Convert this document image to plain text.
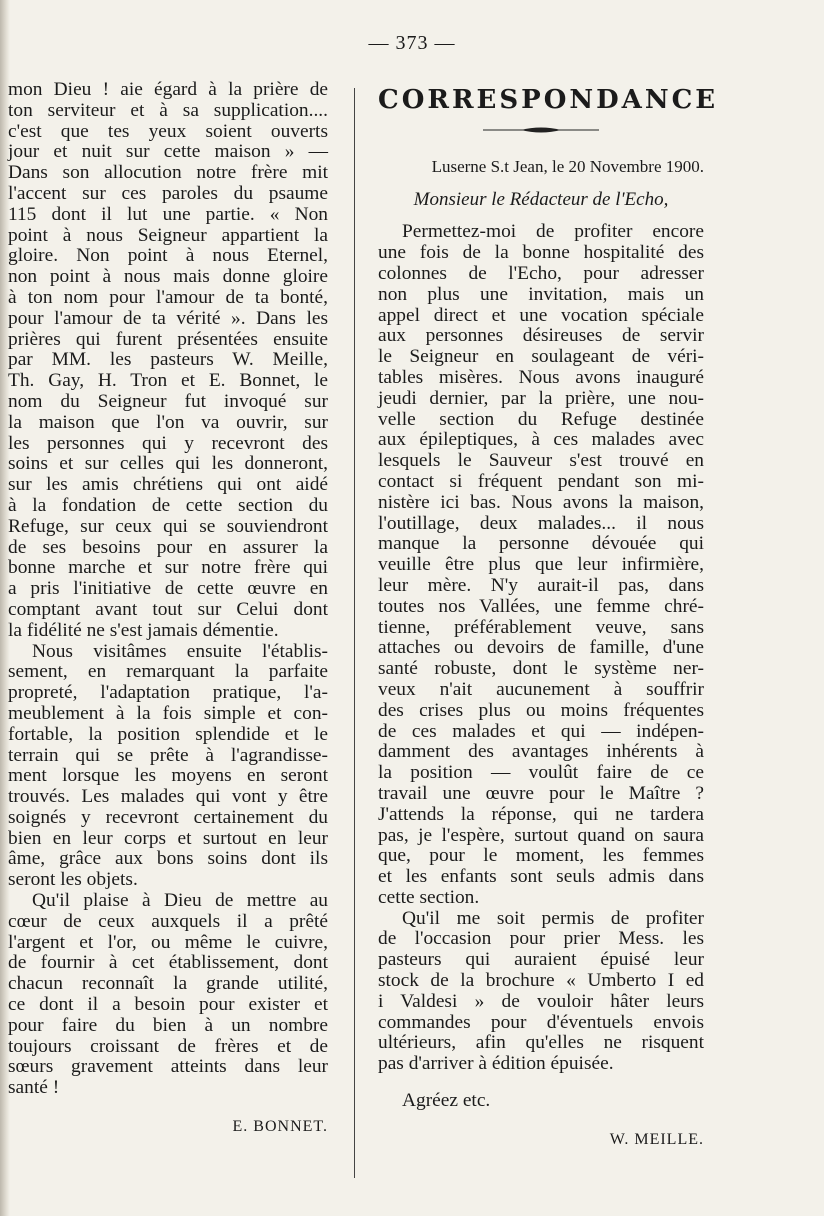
— 373 —

mon Dieu ! aie égard à la prière de
ton serviteur et à sa supplication....
c'est que tes yeux soient ouverts
jour et nuit sur cette maison » —
Dans son allocution notre frère mit
l'accent sur ces paroles du psaume
115 dont il lut une partie. « Non
point à nous Seigneur appartient la
gloire. Non point à nous Eternel,
non point à nous mais donne gloire
à ton nom pour l'amour de ta bonté,
pour l'amour de ta vérité ». Dans les
prières qui furent présentées ensuite
par MM. les pasteurs W. Meille,
Th. Gay, H. Tron et E. Bonnet, le
nom du Seigneur fut invoqué sur
la maison que l'on va ouvrir, sur
les personnes qui y recevront des
soins et sur celles qui les donneront,
sur les amis chrétiens qui ont aidé
à la fondation de cette section du
Refuge, sur ceux qui se souviendront
de ses besoins pour en assurer la
bonne marche et sur notre frère qui
a pris l'initiative de cette œuvre en
comptant avant tout sur Celui dont
la fidélité ne s'est jamais démentie.

Nous visitâmes ensuite l'établis-
sement, en remarquant la parfaite
propreté, l'adaptation pratique, l'a-
meublement à la fois simple et con-
fortable, la position splendide et le
terrain qui se prête à l'agrandisse-
ment lorsque les moyens en seront
trouvés. Les malades qui vont y être
soignés y recevront certainement du
bien en leur corps et surtout en leur
âme, grâce aux bons soins dont ils
seront les objets.

Qu'il plaise à Dieu de mettre au
cœur de ceux auxquels il a prêté
l'argent et l'or, ou même le cuivre,
de fournir à cet établissement, dont
chacun reconnaît la grande utilité,
ce dont il a besoin pour exister et
pour faire du bien à un nombre
toujours croissant de frères et de
sœurs gravement atteints dans leur
santé !

E. BONNET.
CORRESPONDANCE
Luserne S.t Jean, le 20 Novembre 1900.
Monsieur le Rédacteur de l'Echo,

Permettez-moi de profiter encore
une fois de la bonne hospitalité des
colonnes de l'Echo, pour adresser
non plus une invitation, mais un
appel direct et une vocation spéciale
aux personnes désireuses de servir
le Seigneur en soulageant de véri-
tables misères. Nous avons inauguré
jeudi dernier, par la prière, une nou-
velle section du Refuge destinée
aux épileptiques, à ces malades avec
lesquels le Sauveur s'est trouvé en
contact si fréquent pendant son mi-
nistère ici bas. Nous avons la maison,
l'outillage, deux malades... il nous
manque la personne dévouée qui
veuille être plus que leur infirmière,
leur mère. N'y aurait-il pas, dans
toutes nos Vallées, une femme chré-
tienne, préférablement veuve, sans
attaches ou devoirs de famille, d'une
santé robuste, dont le système ner-
veux n'ait aucunement à souffrir
des crises plus ou moins fréquentes
de ces malades et qui — indépen-
damment des avantages inhérents à
la position — voulût faire de ce
travail une œuvre pour le Maître ?
J'attends la réponse, qui ne tardera
pas, je l'espère, surtout quand on saura
que, pour le moment, les femmes
et les enfants sont seuls admis dans
cette section.

Qu'il me soit permis de profiter
de l'occasion pour prier Mess. les
pasteurs qui auraient épuisé leur
stock de la brochure « Umberto I ed
i Valdesi » de vouloir hâter leurs
commandes pour d'éventuels envois
ultérieurs, afin qu'elles ne risquent
pas d'arriver à édition épuisée.

Agréez etc.
W. MEILLE.
